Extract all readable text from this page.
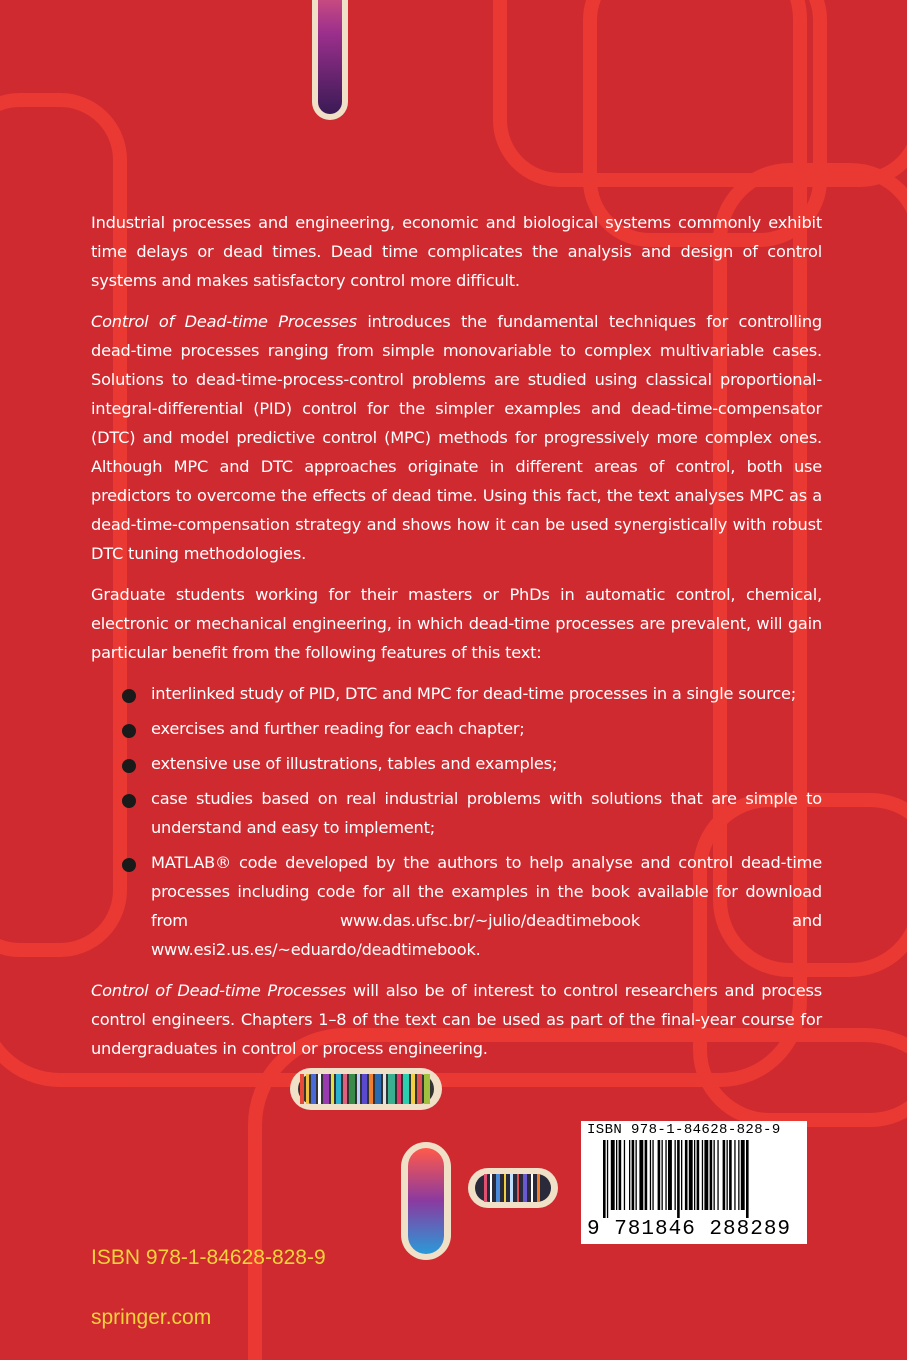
Industrial processes and engineering, economic and biological systems commonly exhibit time delays or dead times. Dead time complicates the analysis and design of control systems and makes satisfactory control more difficult.

Control of Dead-time Processes introduces the fundamental techniques for controlling dead-time processes ranging from simple monovariable to complex multivariable cases. Solutions to dead-time-process-control problems are studied using classical proportional-integral-differential (PID) control for the simpler examples and dead-time-compensator (DTC) and model predictive control (MPC) methods for progressively more complex ones. Although MPC and DTC approaches originate in different areas of control, both use predictors to overcome the effects of dead time. Using this fact, the text analyses MPC as a dead-time-compensation strategy and shows how it can be used synergistically with robust DTC tuning methodologies.

Graduate students working for their masters or PhDs in automatic control, chemical, electronic or mechanical engineering, in which dead-time processes are prevalent, will gain particular benefit from the following features of this text:

interlinked study of PID, DTC and MPC for dead-time processes in a single source;
exercises and further reading for each chapter;
extensive use of illustrations, tables and examples;
case studies based on real industrial problems with solutions that are simple to understand and easy to implement;
MATLAB® code developed by the authors to help analyse and control dead-time processes including code for all the examples in the book available for download from www.das.ufsc.br/~julio/deadtimebook and www.esi2.us.es/~eduardo/deadtimebook.

Control of Dead-time Processes will also be of interest to control researchers and process control engineers. Chapters 1–8 of the text can be used as part of the final-year course for undergraduates in control or process engineering.

ISBN 978-1-84628-828-9
9 781846 288289
ISBN 978-1-84628-828-9
springer.com
